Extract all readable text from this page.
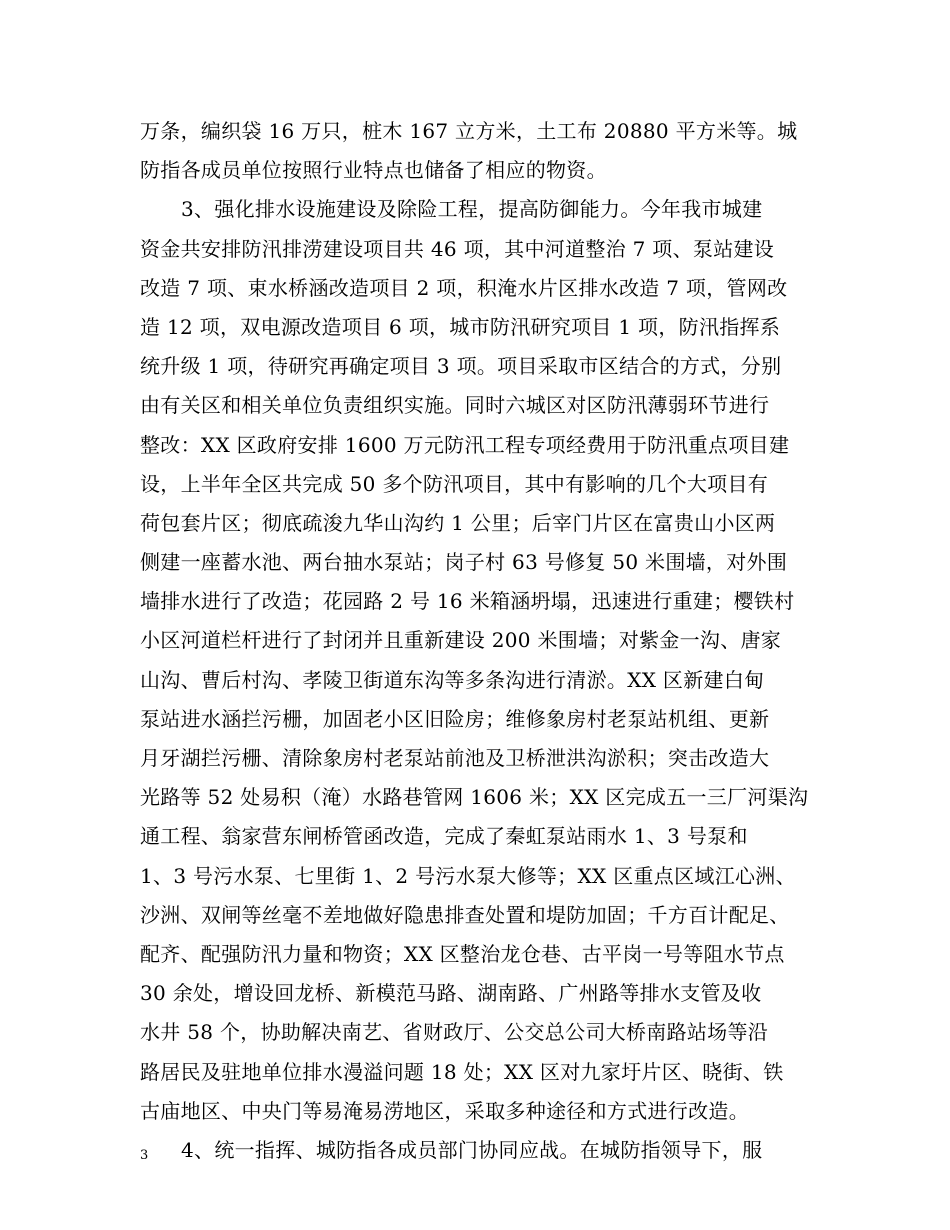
万条，编织袋 16 万只，桩木 167 立方米，土工布 20880 平方米等。城
防指各成员单位按照行业特点也储备了相应的物资。
3、强化排水设施建设及除险工程，提高防御能力。今年我市城建
资金共安排防汛排涝建设项目共 46 项，其中河道整治 7 项、泵站建设
改造 7 项、束水桥涵改造项目 2 项，积淹水片区排水改造 7 项，管网改
造 12 项，双电源改造项目 6 项，城市防汛研究项目 1 项，防汛指挥系
统升级 1 项，待研究再确定项目 3 项。项目采取市区结合的方式，分别
由有关区和相关单位负责组织实施。同时六城区对区防汛薄弱环节进行
整改：XX 区政府安排 1600 万元防汛工程专项经费用于防汛重点项目建
设，上半年全区共完成 50 多个防汛项目，其中有影响的几个大项目有
荷包套片区；彻底疏浚九华山沟约 1 公里；后宰门片区在富贵山小区两
侧建一座蓄水池、两台抽水泵站；岗子村 63 号修复 50 米围墙，对外围
墙排水进行了改造；花园路 2 号 16 米箱涵坍塌，迅速进行重建；樱铁村
小区河道栏杆进行了封闭并且重新建设 200 米围墙；对紫金一沟、唐家
山沟、曹后村沟、孝陵卫街道东沟等多条沟进行清淤。XX 区新建白甸
泵站进水涵拦污栅，加固老小区旧险房；维修象房村老泵站机组、更新
月牙湖拦污栅、清除象房村老泵站前池及卫桥泄洪沟淤积；突击改造大
光路等 52 处易积（淹）水路巷管网 1606 米；XX 区完成五一三厂河渠沟
通工程、翁家营东闸桥管函改造，完成了秦虹泵站雨水 1、3 号泵和
1、3 号污水泵、七里街 1、2 号污水泵大修等；XX 区重点区域江心洲、
沙洲、双闸等丝毫不差地做好隐患排查处置和堤防加固；千方百计配足、
配齐、配强防汛力量和物资；XX 区整治龙仓巷、古平岗一号等阻水节点
30 余处，增设回龙桥、新模范马路、湖南路、广州路等排水支管及收
水井 58 个，协助解决南艺、省财政厅、公交总公司大桥南路站场等沿
路居民及驻地单位排水漫溢问题 18 处；XX 区对九家圩片区、晓街、铁
古庙地区、中央门等易淹易涝地区，采取多种途径和方式进行改造。
4、统一指挥、城防指各成员部门协同应战。在城防指领导下，服
3
